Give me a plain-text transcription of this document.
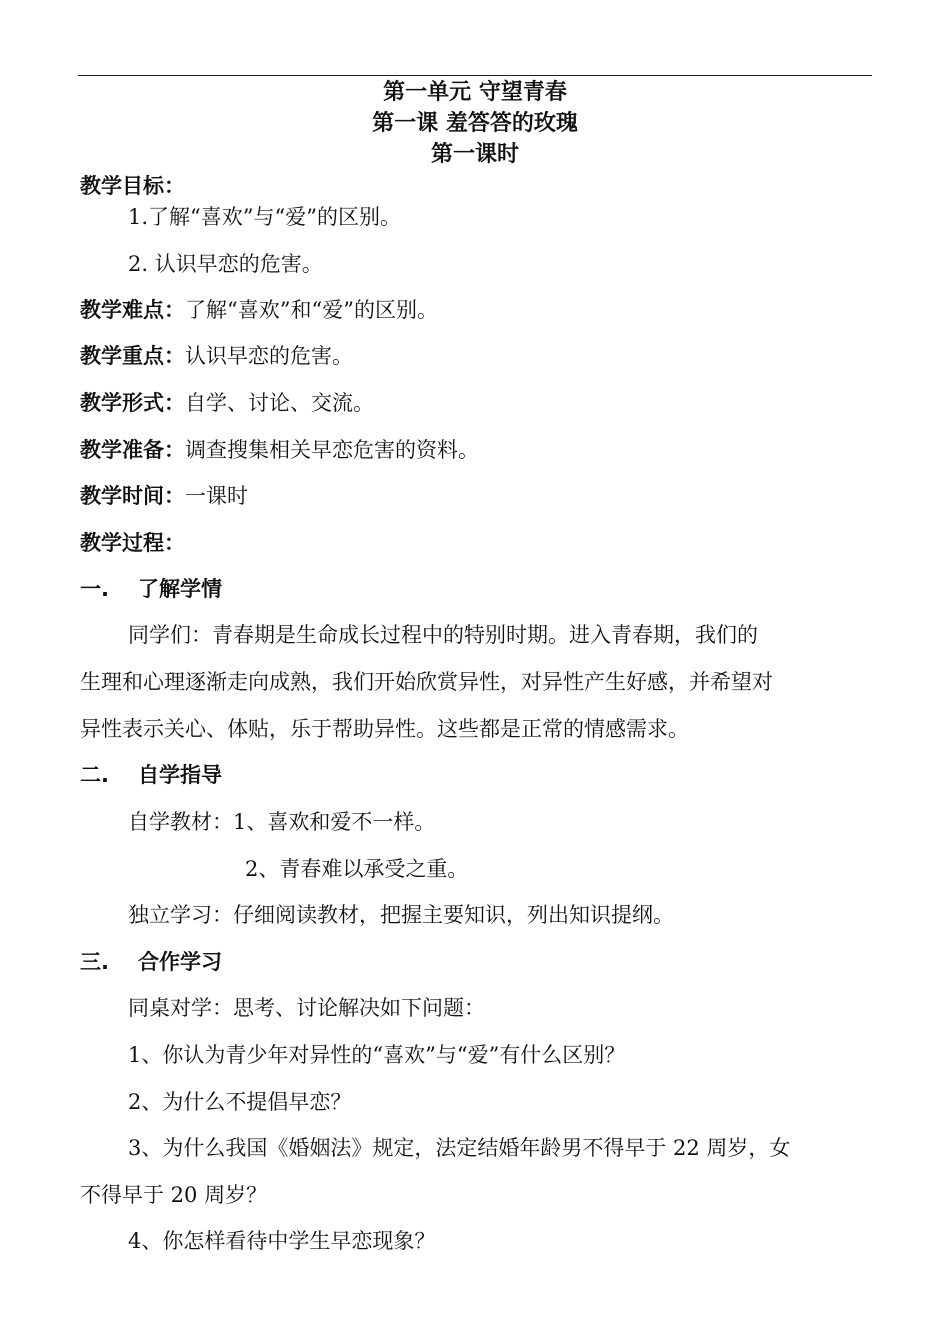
第一单元 守望青春
第一课 羞答答的玫瑰
第一课时
教学目标：
1.了解“喜欢”与“爱”的区别。
2. 认识早恋的危害。
教学难点：了解“喜欢”和“爱”的区别。
教学重点：认识早恋的危害。
教学形式：自学、讨论、交流。
教学准备：调查搜集相关早恋危害的资料。
教学时间：一课时
教学过程：
一. 了解学情
同学们：青春期是生命成长过程中的特别时期。进入青春期，我们的
生理和心理逐渐走向成熟，我们开始欣赏异性，对异性产生好感，并希望对
异性表示关心、体贴，乐于帮助异性。这些都是正常的情感需求。
二. 自学指导
自学教材：1、喜欢和爱不一样。
2、青春难以承受之重。
独立学习：仔细阅读教材，把握主要知识，列出知识提纲。
三. 合作学习
同桌对学：思考、讨论解决如下问题：
1、你认为青少年对异性的“喜欢”与“爱”有什么区别？
2、为什么不提倡早恋？
3、为什么我国《婚姻法》规定，法定结婚年龄男不得早于 22 周岁，女
不得早于 20 周岁？
4、你怎样看待中学生早恋现象？
